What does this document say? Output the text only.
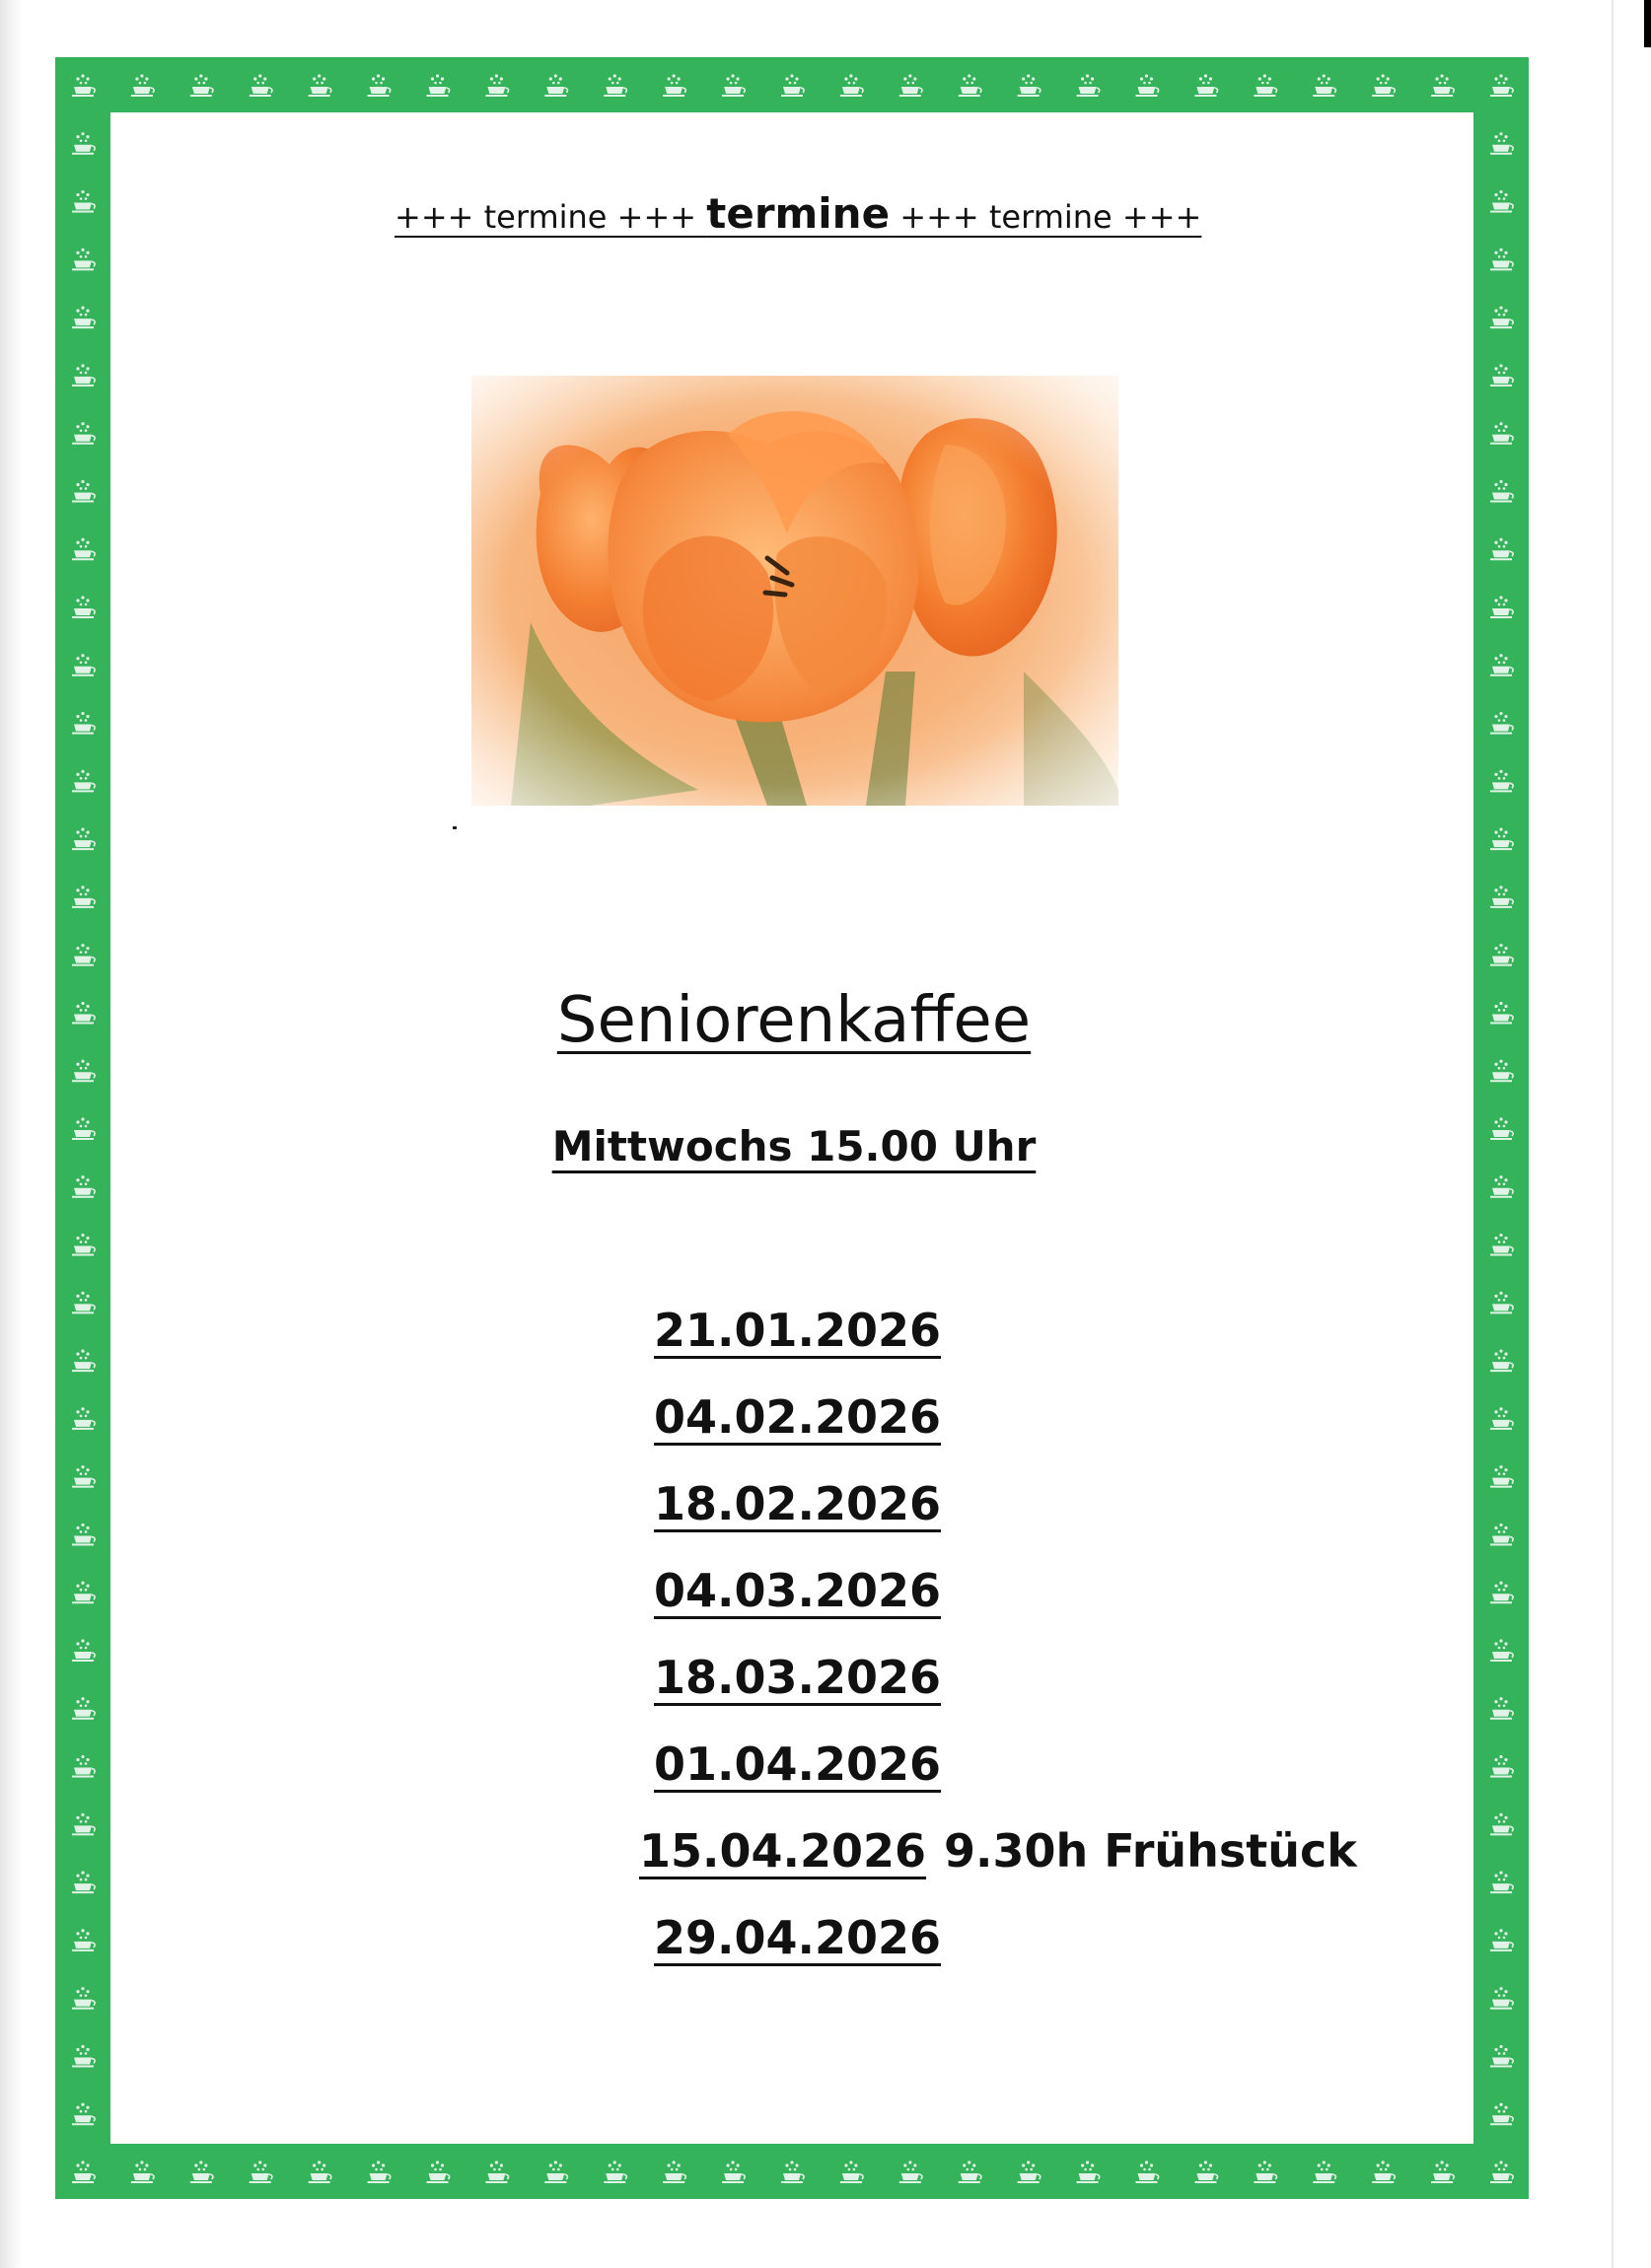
+++ termine +++ termine +++ termine +++
Seniorenkaffee
Mittwochs 15.00 Uhr
21.01.2026
04.02.2026
18.02.2026
04.03.2026
18.03.2026
01.04.2026
15.04.2026 9.30h Frühstück
29.04.2026
